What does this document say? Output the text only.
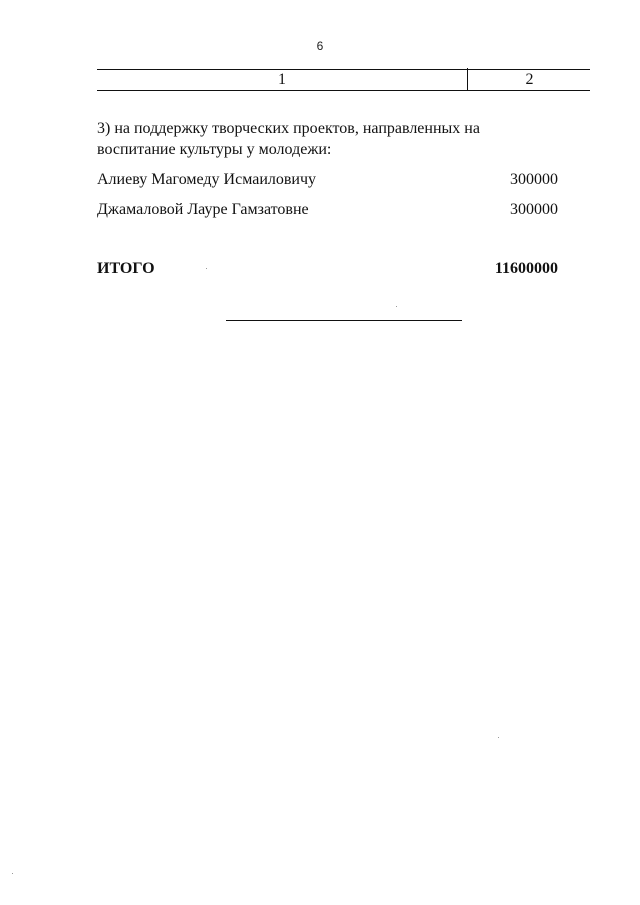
6
1	2
3) на поддержку творческих проектов, направленных на воспитание культуры у молодежи:
Алиеву Магомеду Исмаиловичу	300000
Джамаловой Лауре Гамзатовне	300000
ИТОГО	11600000
